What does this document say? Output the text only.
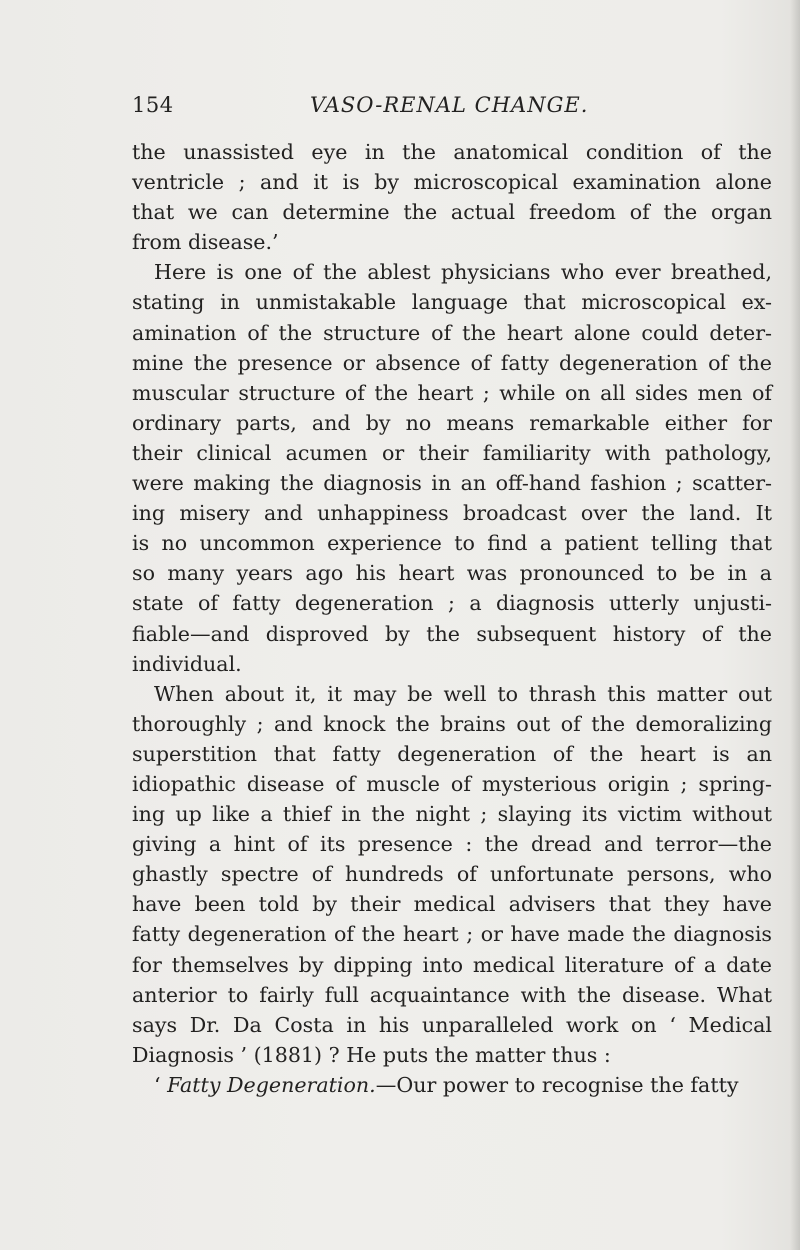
154	VASO-RENAL CHANGE.
the unassisted eye in the anatomical condition of the
ventricle ; and it is by microscopical examination alone
that we can determine the actual freedom of the organ
from disease.’
Here is one of the ablest physicians who ever breathed,
stating in unmistakable language that microscopical ex-
amination of the structure of the heart alone could deter-
mine the presence or absence of fatty degeneration of the
muscular structure of the heart ; while on all sides men of
ordinary parts, and by no means remarkable either for
their clinical acumen or their familiarity with pathology,
were making the diagnosis in an off-hand fashion ; scatter-
ing misery and unhappiness broadcast over the land. It
is no uncommon experience to find a patient telling that
so many years ago his heart was pronounced to be in a
state of fatty degeneration ; a diagnosis utterly unjusti-
fiable—and disproved by the subsequent history of the
individual.
When about it, it may be well to thrash this matter out
thoroughly ; and knock the brains out of the demoralizing
superstition that fatty degeneration of the heart is an
idiopathic disease of muscle of mysterious origin ; spring-
ing up like a thief in the night ; slaying its victim without
giving a hint of its presence : the dread and terror—the
ghastly spectre of hundreds of unfortunate persons, who
have been told by their medical advisers that they have
fatty degeneration of the heart ; or have made the diagnosis
for themselves by dipping into medical literature of a date
anterior to fairly full acquaintance with the disease. What
says Dr. Da Costa in his unparalleled work on ‘ Medical
Diagnosis ’ (1881) ? He puts the matter thus :
‘ Fatty Degeneration.—Our power to recognise the fatty
